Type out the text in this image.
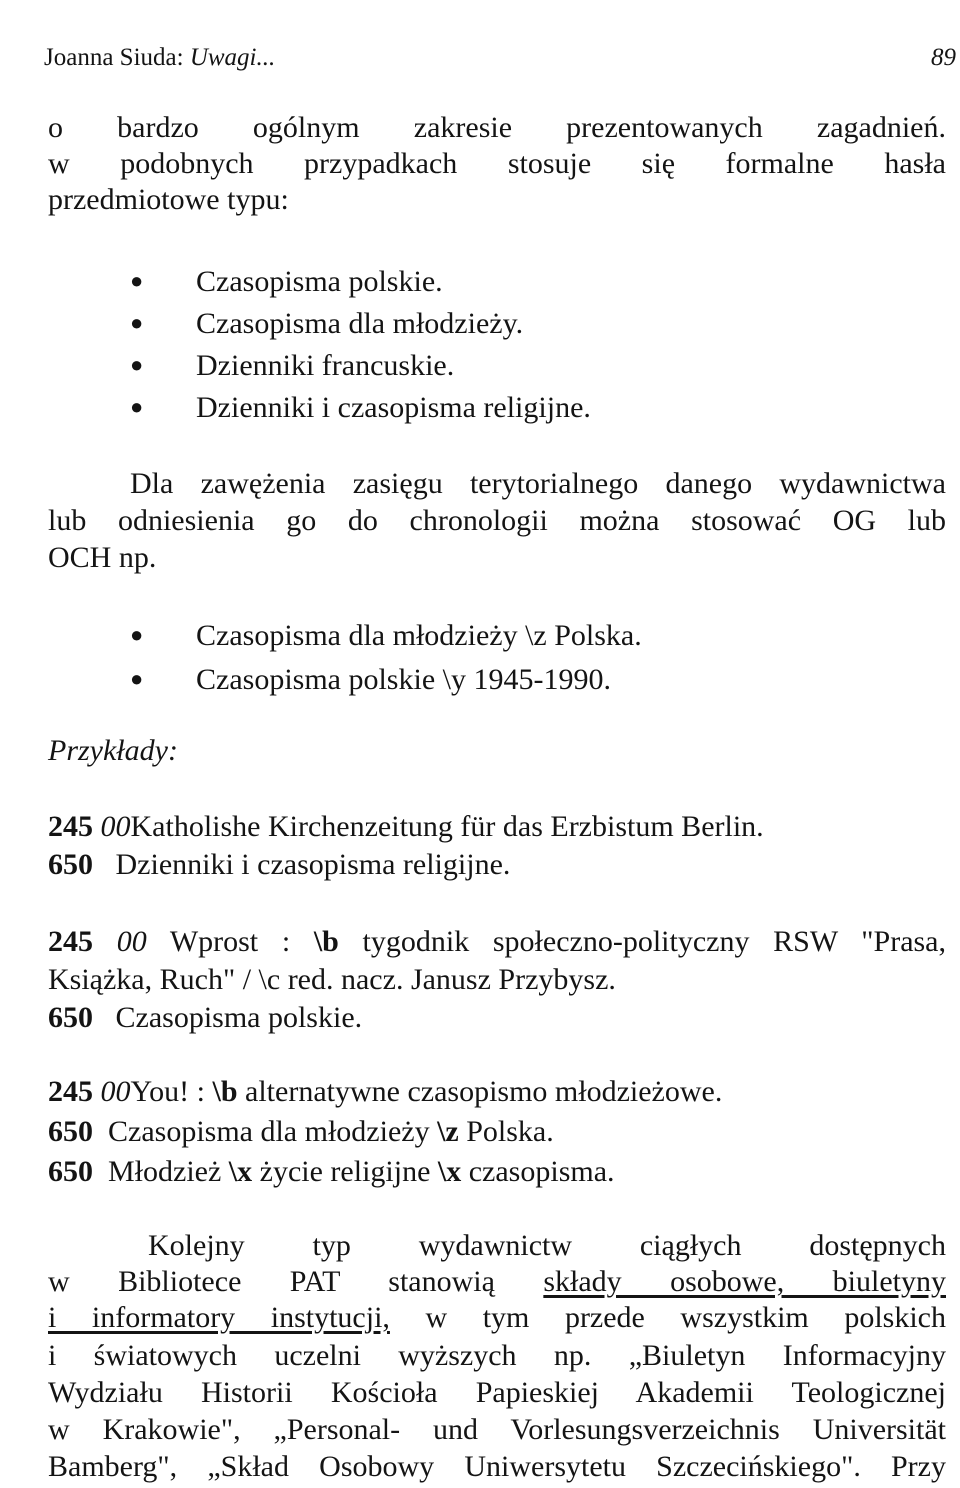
Joanna Siuda: Uwagi...	89
o bardzo ogólnym zakresie prezentowanych zagadnień.
w podobnych przypadkach stosuje się formalne hasła
przedmiotowe typu:
● Czasopisma polskie.
● Czasopisma dla młodzieży.
● Dzienniki francuskie.
● Dzienniki i czasopisma religijne.
Dla zawężenia zasięgu terytorialnego danego wydawnictwa
lub odniesienia go do chronologii można stosować OG lub
OCH np.
● Czasopisma dla młodzieży \z Polska.
● Czasopisma polskie \y 1945-1990.
Przykłady:
245 00Katholishe Kirchenzeitung für das Erzbistum Berlin.
650 Dzienniki i czasopisma religijne.
245 00 Wprost : \b tygodnik społeczno-polityczny RSW "Prasa,
Książka, Ruch" / \c red. nacz. Janusz Przybysz.
650 Czasopisma polskie.
245 00You! : \b alternatywne czasopismo młodzieżowe.
650 Czasopisma dla młodzieży \z Polska.
650 Młodzież \x życie religijne \x czasopisma.
Kolejny typ wydawnictw ciągłych dostępnych
w Bibliotece PAT stanowią składy osobowe, biuletyny
i informatory instytucji, w tym przede wszystkim polskich
i światowych uczelni wyższych np. „Biuletyn Informacyjny
Wydziału Historii Kościoła Papieskiej Akademii Teologicznej
w Krakowie", „Personal- und Vorlesungsverzeichnis Universität
Bamberg", „Skład Osobowy Uniwersytetu Szczecińskiego". Przy
